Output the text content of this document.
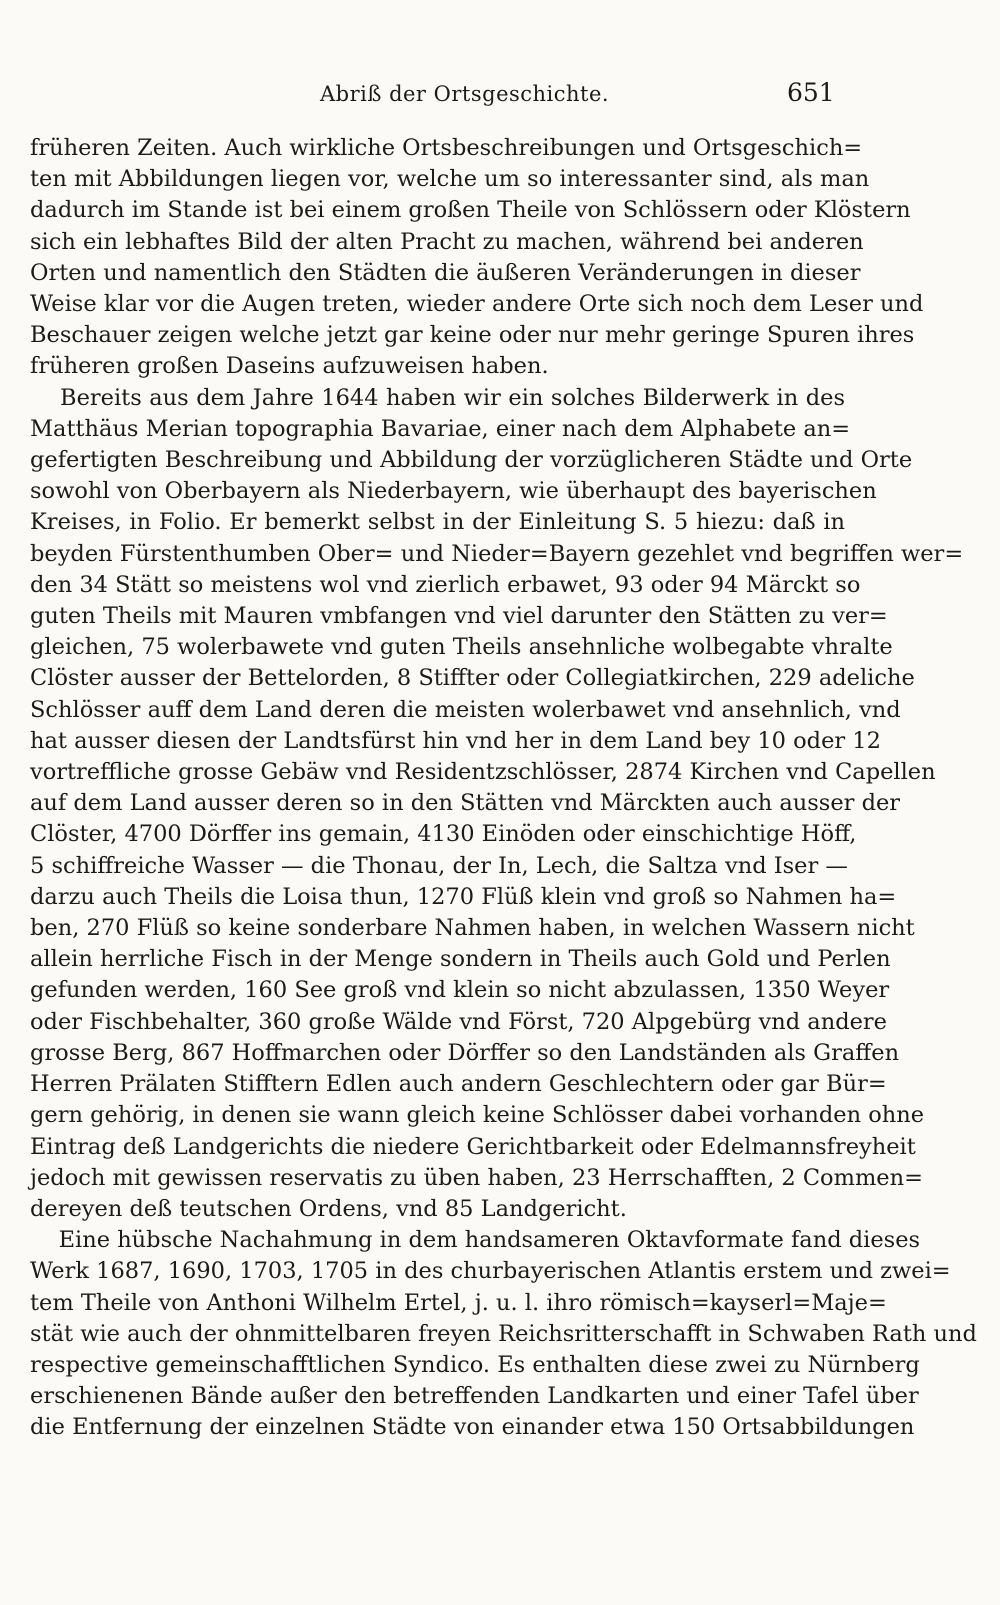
Abriß der Ortsgeschichte.	651
früheren Zeiten. Auch wirkliche Ortsbeschreibungen und Ortsgeschich=
ten mit Abbildungen liegen vor, welche um so interessanter sind, als man
dadurch im Stande ist bei einem großen Theile von Schlössern oder Klöstern
sich ein lebhaftes Bild der alten Pracht zu machen, während bei anderen
Orten und namentlich den Städten die äußeren Veränderungen in dieser
Weise klar vor die Augen treten, wieder andere Orte sich noch dem Leser und
Beschauer zeigen welche jetzt gar keine oder nur mehr geringe Spuren ihres
früheren großen Daseins aufzuweisen haben.
Bereits aus dem Jahre 1644 haben wir ein solches Bilderwerk in des
Matthäus Merian topographia Bavariae, einer nach dem Alphabete an=
gefertigten Beschreibung und Abbildung der vorzüglicheren Städte und Orte
sowohl von Oberbayern als Niederbayern, wie überhaupt des bayerischen
Kreises, in Folio. Er bemerkt selbst in der Einleitung S. 5 hiezu: daß in
beyden Fürstenthumben Ober= und Nieder=Bayern gezehlet vnd begriffen wer=
den 34 Stätt so meistens wol vnd zierlich erbawet, 93 oder 94 Märckt so
guten Theils mit Mauren vmbfangen vnd viel darunter den Stätten zu ver=
gleichen, 75 wolerbawete vnd guten Theils ansehnliche wolbegabte vhralte
Clöster ausser der Bettelorden, 8 Stiffter oder Collegiatkirchen, 229 adeliche
Schlösser auff dem Land deren die meisten wolerbawet vnd ansehnlich, vnd
hat ausser diesen der Landtsfürst hin vnd her in dem Land bey 10 oder 12
vortreffliche grosse Gebäw vnd Residentzschlösser, 2874 Kirchen vnd Capellen
auf dem Land ausser deren so in den Stätten vnd Märckten auch ausser der
Clöster, 4700 Dörffer ins gemain, 4130 Einöden oder einschichtige Höff,
5 schiffreiche Wasser — die Thonau, der In, Lech, die Saltza vnd Iser —
darzu auch Theils die Loisa thun, 1270 Flüß klein vnd groß so Nahmen ha=
ben, 270 Flüß so keine sonderbare Nahmen haben, in welchen Wassern nicht
allein herrliche Fisch in der Menge sondern in Theils auch Gold und Perlen
gefunden werden, 160 See groß vnd klein so nicht abzulassen, 1350 Weyer
oder Fischbehalter, 360 große Wälde vnd Först, 720 Alpgebürg vnd andere
grosse Berg, 867 Hoffmarchen oder Dörffer so den Landständen als Graffen
Herren Prälaten Stifftern Edlen auch andern Geschlechtern oder gar Bür=
gern gehörig, in denen sie wann gleich keine Schlösser dabei vorhanden ohne
Eintrag deß Landgerichts die niedere Gerichtbarkeit oder Edelmannsfreyheit
jedoch mit gewissen reservatis zu üben haben, 23 Herrschafften, 2 Commen=
dereyen deß teutschen Ordens, vnd 85 Landgericht.
Eine hübsche Nachahmung in dem handsameren Oktavformate fand dieses
Werk 1687, 1690, 1703, 1705 in des churbayerischen Atlantis erstem und zwei=
tem Theile von Anthoni Wilhelm Ertel, j. u. l. ihro römisch=kayserl=Maje=
stät wie auch der ohnmittelbaren freyen Reichsritterschafft in Schwaben Rath und
respective gemeinschafftlichen Syndico. Es enthalten diese zwei zu Nürnberg
erschienenen Bände außer den betreffenden Landkarten und einer Tafel über
die Entfernung der einzelnen Städte von einander etwa 150 Ortsabbildungen
